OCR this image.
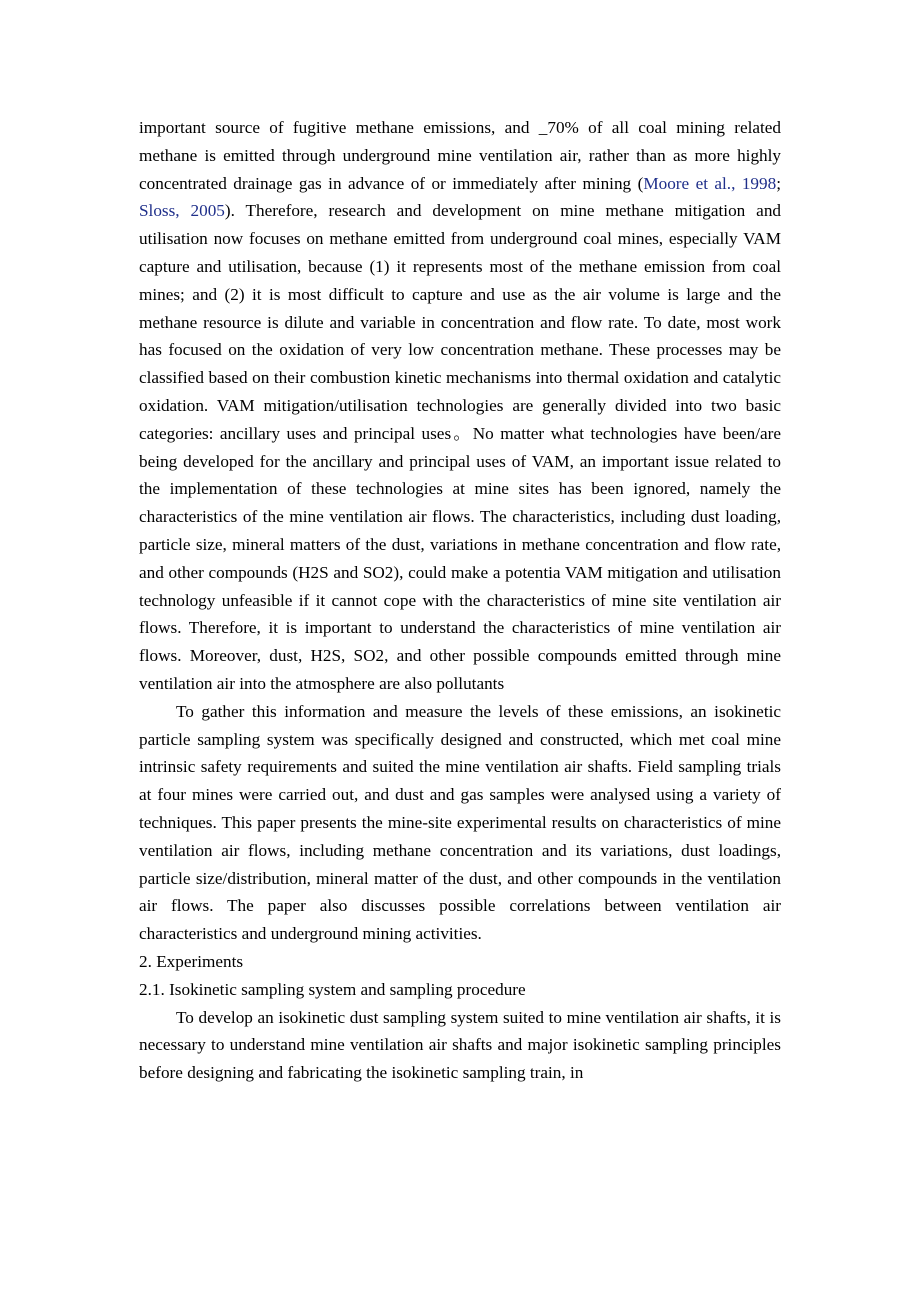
important source of fugitive methane emissions, and _70% of all coal mining related methane is emitted through underground mine ventilation air, rather than as more highly concentrated drainage gas in advance of or immediately after mining (Moore et al., 1998; Sloss, 2005). Therefore, research and development on mine methane mitigation and utilisation now focuses on methane emitted from underground coal mines, especially VAM capture and utilisation, because (1) it represents most of the methane emission from coal mines; and (2) it is most difficult to capture and use as the air volume is large and the methane resource is dilute and variable in concentration and flow rate. To date, most work has focused on the oxidation of very low concentration methane. These processes may be classified based on their combustion kinetic mechanisms into thermal oxidation and catalytic oxidation. VAM mitigation/utilisation technologies are generally divided into two basic categories: ancillary uses and principal uses。No matter what technologies have been/are being developed for the ancillary and principal uses of VAM, an important issue related to the implementation of these technologies at mine sites has been ignored, namely the characteristics of the mine ventilation air flows. The characteristics, including dust loading, particle size, mineral matters of the dust, variations in methane concentration and flow rate, and other compounds (H2S and SO2), could make a potentia VAM mitigation and utilisation technology unfeasible if it cannot cope with the characteristics of mine site ventilation air flows. Therefore, it is important to understand the characteristics of mine ventilation air flows. Moreover, dust, H2S, SO2, and other possible compounds emitted through mine ventilation air into the atmosphere are also pollutants

To gather this information and measure the levels of these emissions, an isokinetic particle sampling system was specifically designed and constructed, which met coal mine intrinsic safety requirements and suited the mine ventilation air shafts. Field sampling trials at four mines were carried out, and dust and gas samples were analysed using a variety of techniques. This paper presents the mine-site experimental results on characteristics of mine ventilation air flows, including methane concentration and its variations, dust loadings, particle size/distribution, mineral matter of the dust, and other compounds in the ventilation air flows. The paper also discusses possible correlations between ventilation air characteristics and underground mining activities.

2. Experiments

2.1. Isokinetic sampling system and sampling procedure

To develop an isokinetic dust sampling system suited to mine ventilation air shafts, it is necessary to understand mine ventilation air shafts and major isokinetic sampling principles before designing and fabricating the isokinetic sampling train, in
